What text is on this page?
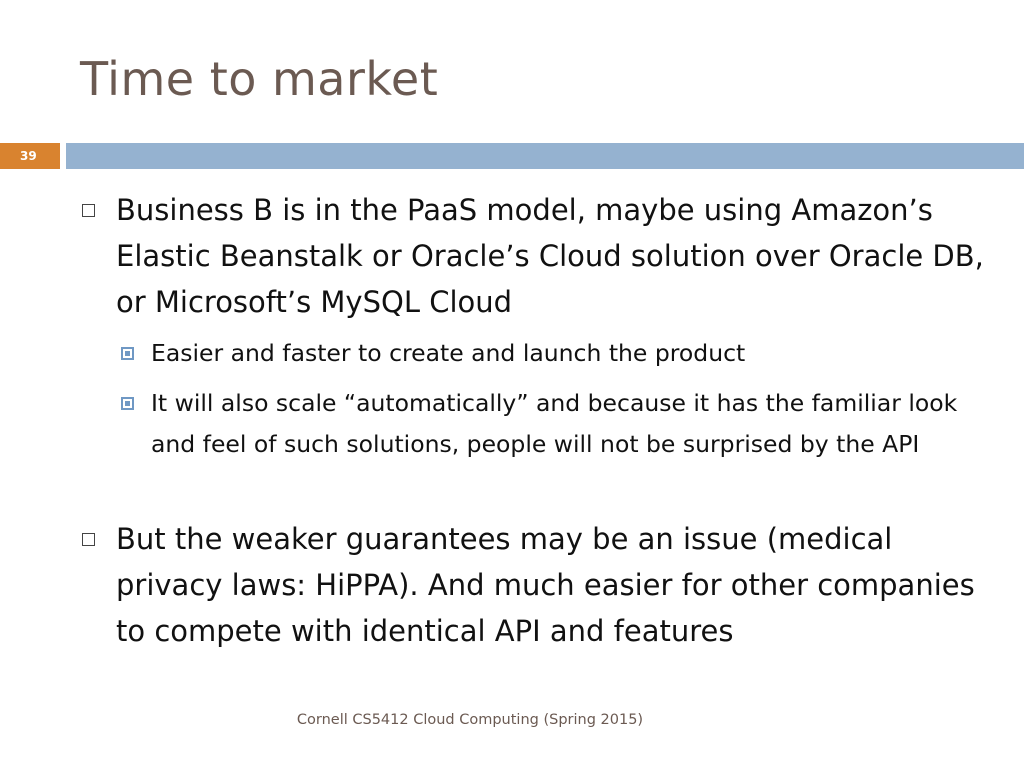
Time to market
39
Business B is in the PaaS model, maybe using Amazon’s Elastic Beanstalk or Oracle’s Cloud solution over Oracle DB, or Microsoft’s MySQL Cloud
Easier and faster to create and launch the product
It will also scale “automatically” and because it has the familiar look and feel of such solutions, people will not be surprised by the API
But the weaker guarantees may be an issue (medical privacy laws: HiPPA). And much easier for other companies to compete with identical API and features
Cornell CS5412 Cloud Computing (Spring 2015)
